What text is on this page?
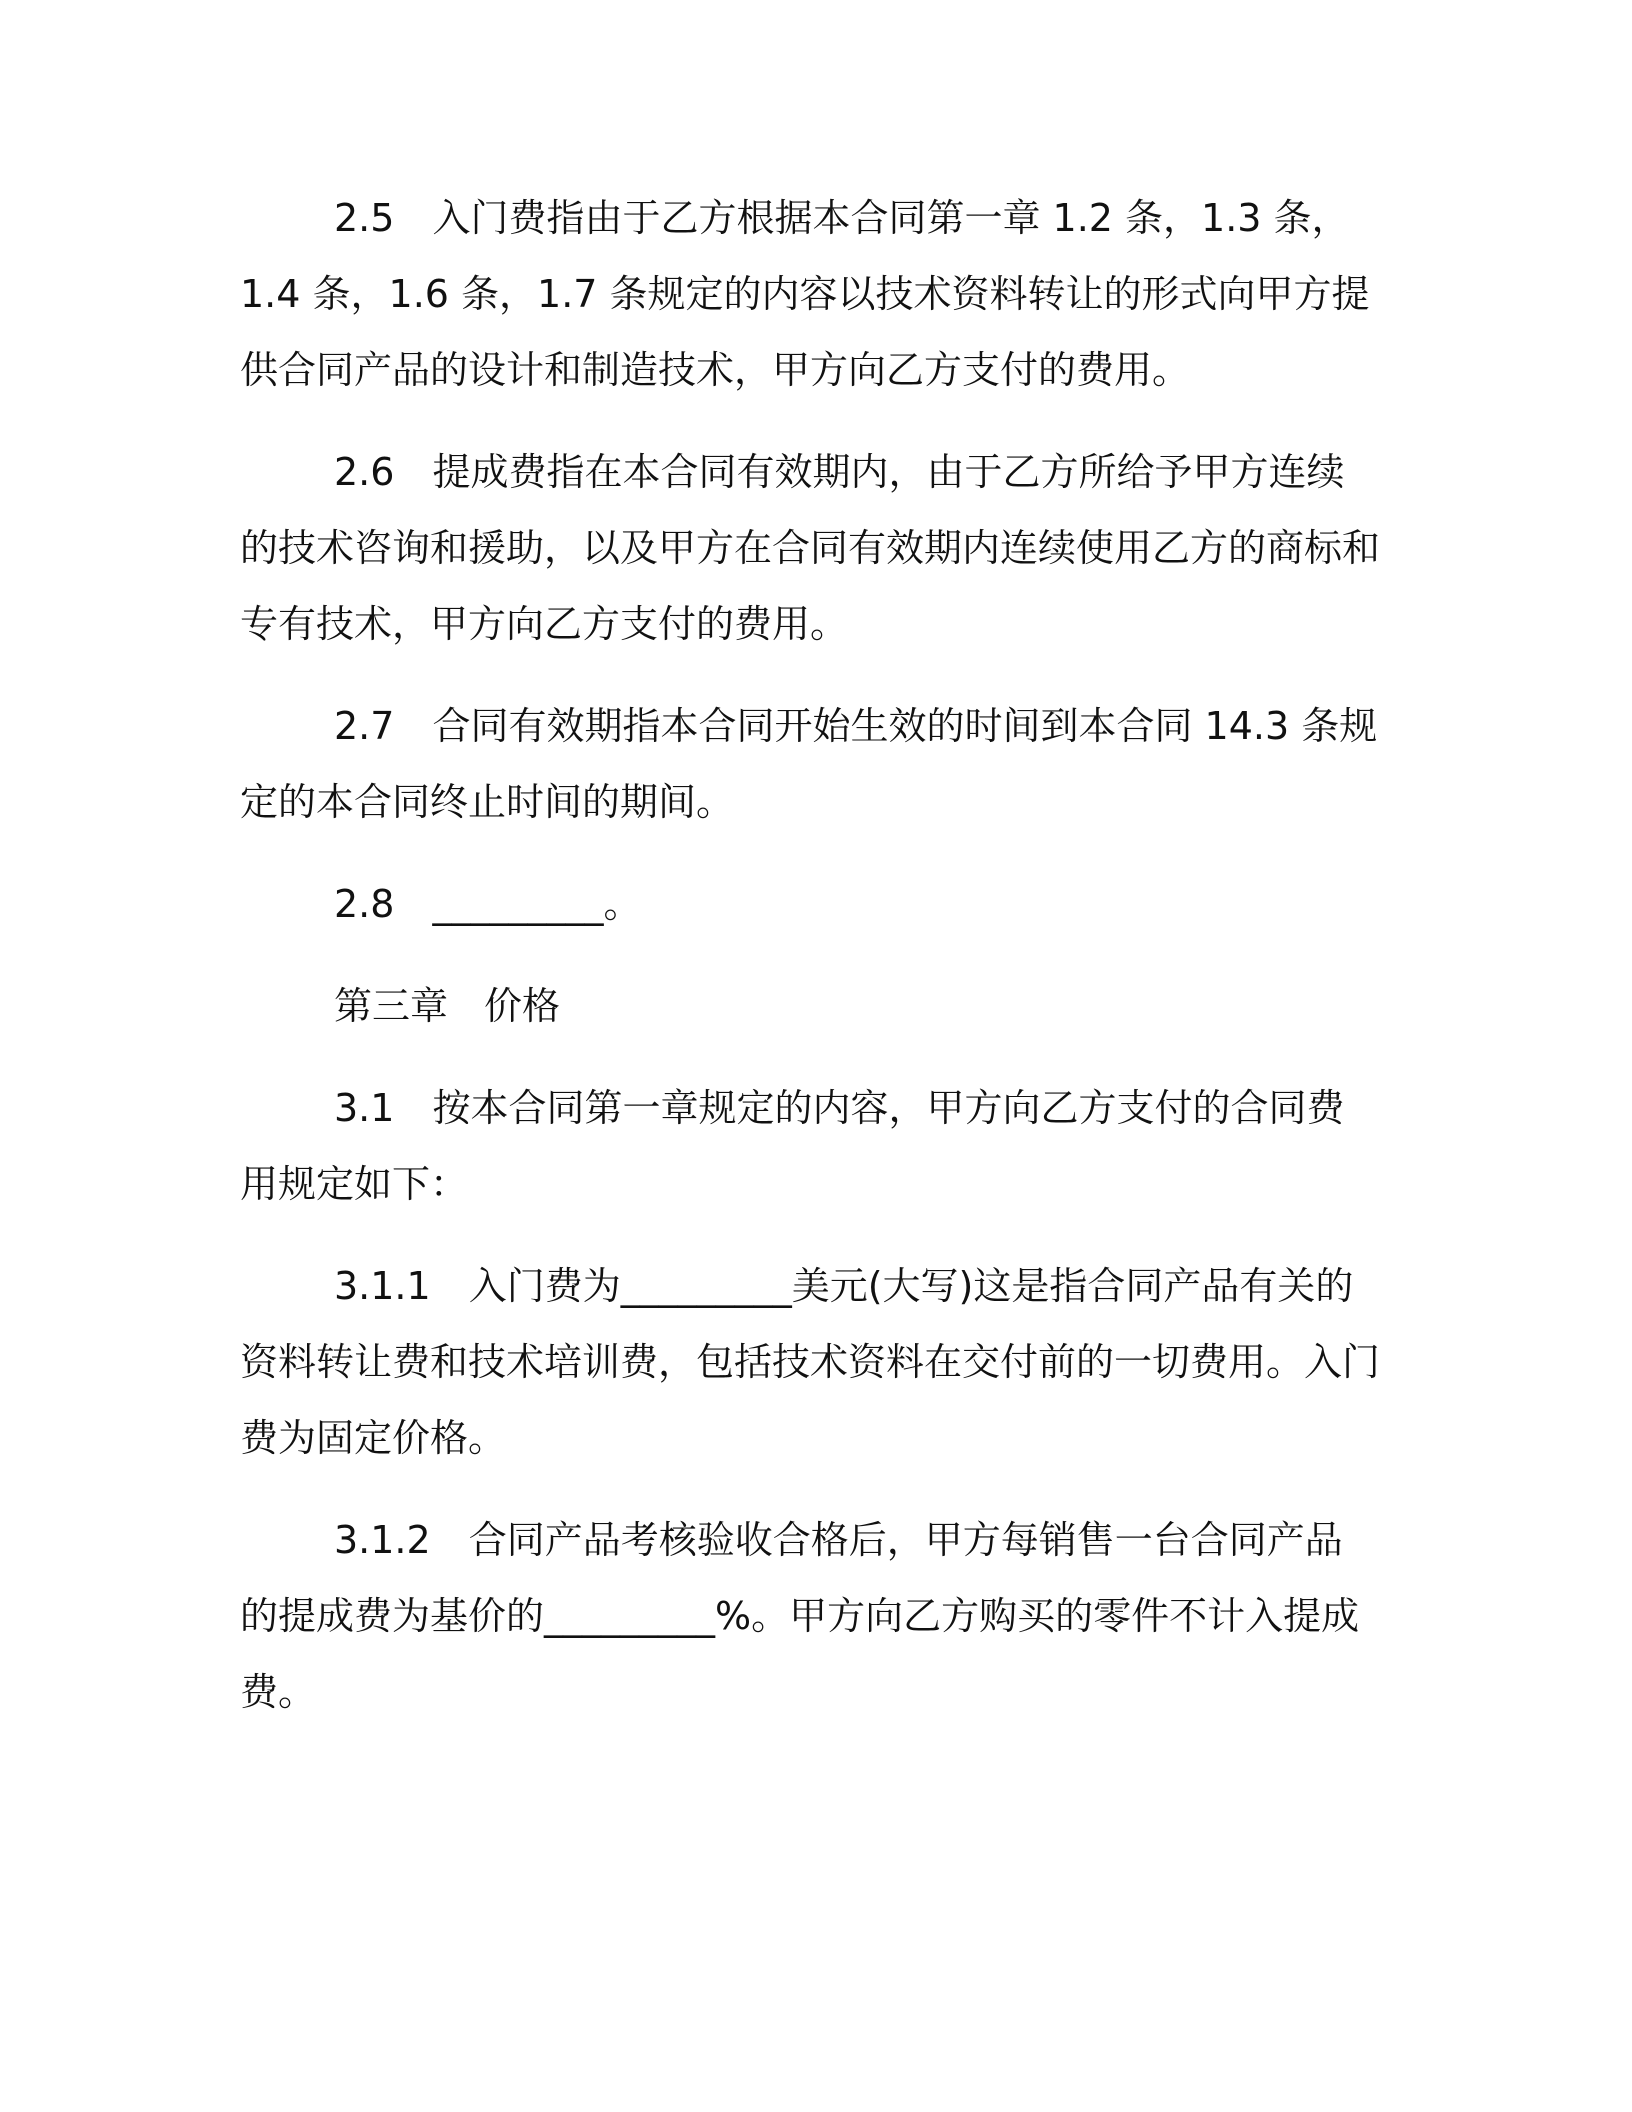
2.5 入门费指由于乙方根据本合同第一章 1.2 条，1.3 条，1.4 条，1.6 条，1.7 条规定的内容以技术资料转让的形式向甲方提供合同产品的设计和制造技术，甲方向乙方支付的费用。

2.6 提成费指在本合同有效期内，由于乙方所给予甲方连续的技术咨询和援助，以及甲方在合同有效期内连续使用乙方的商标和专有技术，甲方向乙方支付的费用。

2.7 合同有效期指本合同开始生效的时间到本合同 14.3 条规定的本合同终止时间的期间。

2.8 _________。

第三章 价格

3.1 按本合同第一章规定的内容，甲方向乙方支付的合同费用规定如下：

3.1.1 入门费为_________美元(大写)这是指合同产品有关的资料转让费和技术培训费，包括技术资料在交付前的一切费用。入门费为固定价格。

3.1.2 合同产品考核验收合格后，甲方每销售一台合同产品的提成费为基价的_________%。甲方向乙方购买的零件不计入提成费。
